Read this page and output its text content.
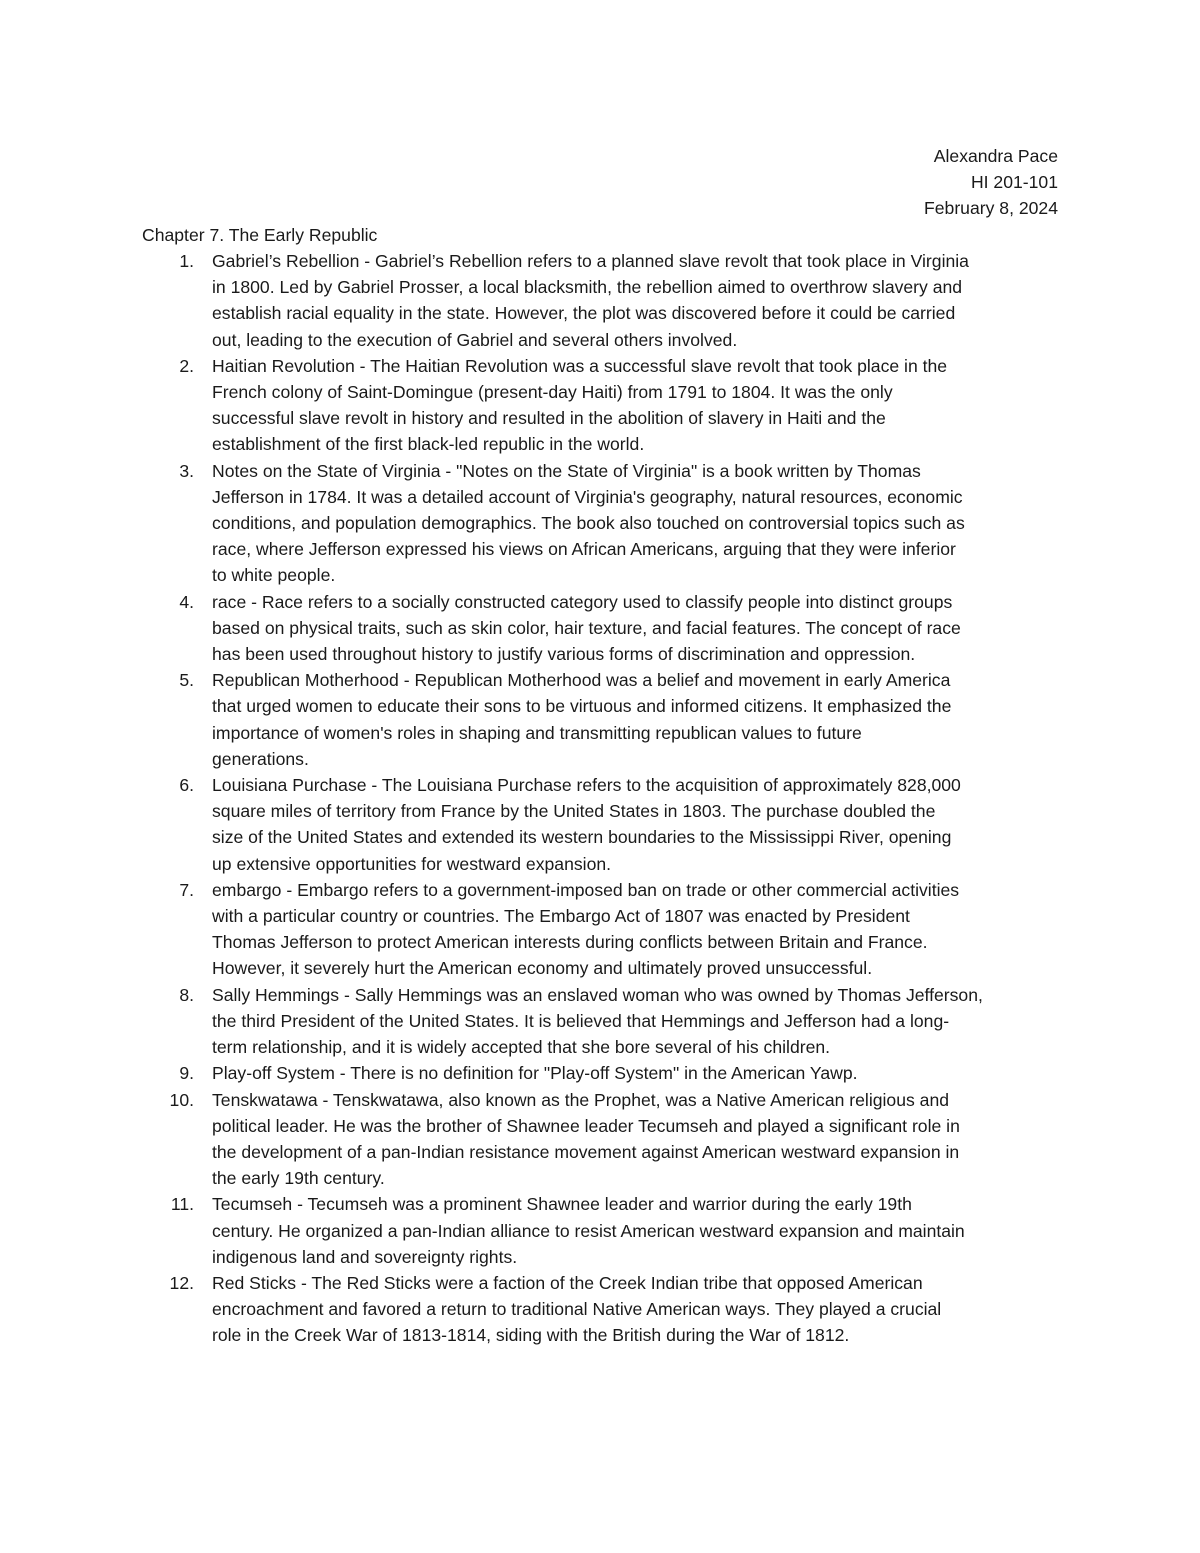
Alexandra Pace
HI 201-101
February 8, 2024
Chapter 7. The Early Republic
1. Gabriel’s Rebellion - Gabriel’s Rebellion refers to a planned slave revolt that took place in Virginia
in 1800. Led by Gabriel Prosser, a local blacksmith, the rebellion aimed to overthrow slavery and
establish racial equality in the state. However, the plot was discovered before it could be carried
out, leading to the execution of Gabriel and several others involved.
2. Haitian Revolution - The Haitian Revolution was a successful slave revolt that took place in the
French colony of Saint-Domingue (present-day Haiti) from 1791 to 1804. It was the only
successful slave revolt in history and resulted in the abolition of slavery in Haiti and the
establishment of the first black-led republic in the world.
3. Notes on the State of Virginia - "Notes on the State of Virginia" is a book written by Thomas
Jefferson in 1784. It was a detailed account of Virginia's geography, natural resources, economic
conditions, and population demographics. The book also touched on controversial topics such as
race, where Jefferson expressed his views on African Americans, arguing that they were inferior
to white people.
4. race - Race refers to a socially constructed category used to classify people into distinct groups
based on physical traits, such as skin color, hair texture, and facial features. The concept of race
has been used throughout history to justify various forms of discrimination and oppression.
5. Republican Motherhood - Republican Motherhood was a belief and movement in early America
that urged women to educate their sons to be virtuous and informed citizens. It emphasized the
importance of women's roles in shaping and transmitting republican values to future
generations.
6. Louisiana Purchase - The Louisiana Purchase refers to the acquisition of approximately 828,000
square miles of territory from France by the United States in 1803. The purchase doubled the
size of the United States and extended its western boundaries to the Mississippi River, opening
up extensive opportunities for westward expansion.
7. embargo - Embargo refers to a government-imposed ban on trade or other commercial activities
with a particular country or countries. The Embargo Act of 1807 was enacted by President
Thomas Jefferson to protect American interests during conflicts between Britain and France.
However, it severely hurt the American economy and ultimately proved unsuccessful.
8. Sally Hemmings - Sally Hemmings was an enslaved woman who was owned by Thomas Jefferson,
the third President of the United States. It is believed that Hemmings and Jefferson had a long-
term relationship, and it is widely accepted that she bore several of his children.
9. Play-off System - There is no definition for "Play-off System" in the American Yawp.
10. Tenskwatawa - Tenskwatawa, also known as the Prophet, was a Native American religious and
political leader. He was the brother of Shawnee leader Tecumseh and played a significant role in
the development of a pan-Indian resistance movement against American westward expansion in
the early 19th century.
11. Tecumseh - Tecumseh was a prominent Shawnee leader and warrior during the early 19th
century. He organized a pan-Indian alliance to resist American westward expansion and maintain
indigenous land and sovereignty rights.
12. Red Sticks - The Red Sticks were a faction of the Creek Indian tribe that opposed American
encroachment and favored a return to traditional Native American ways. They played a crucial
role in the Creek War of 1813-1814, siding with the British during the War of 1812.
